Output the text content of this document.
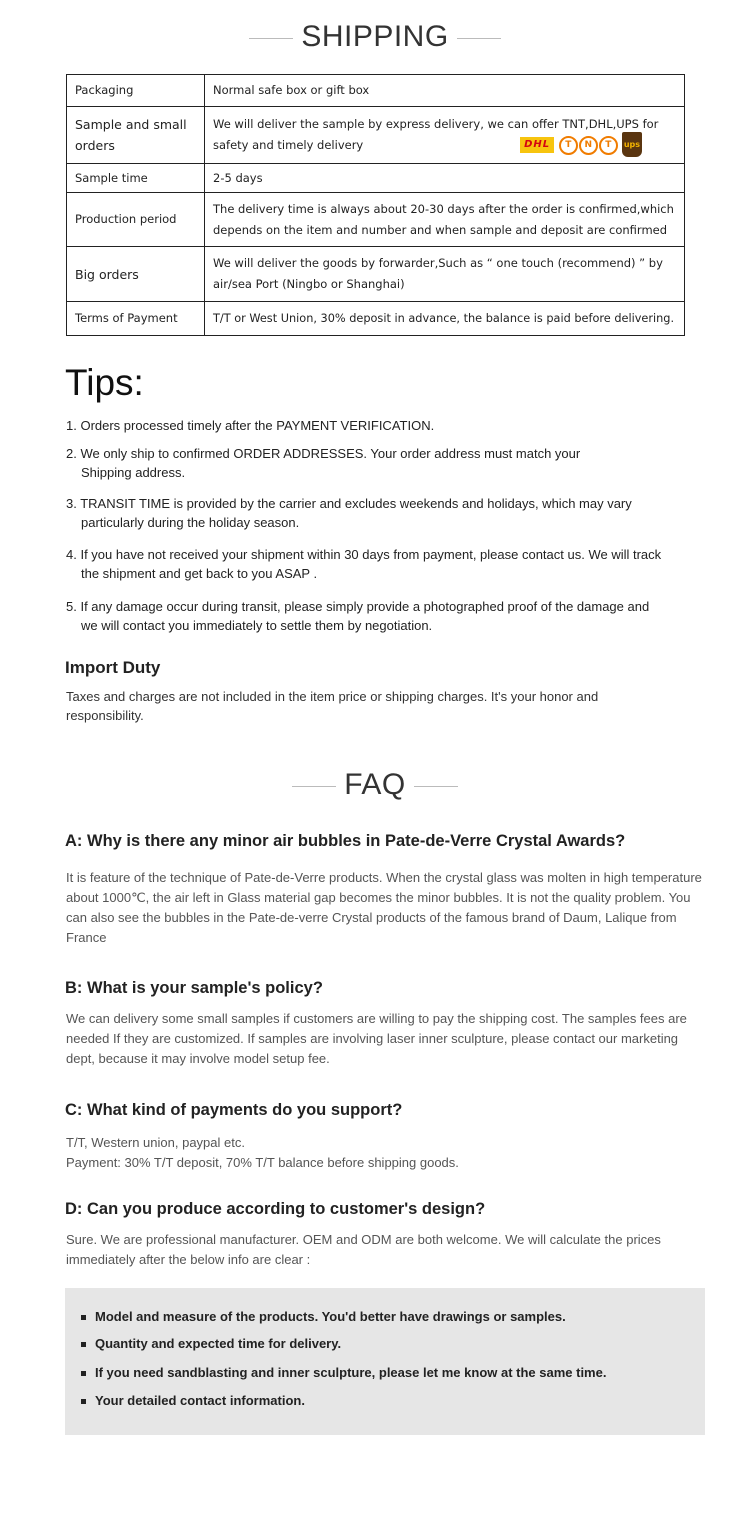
SHIPPING
Packaging	Normal safe box or gift box
Sample and small orders	We will deliver the sample by express delivery, we can offer TNT,DHL,UPS for safety and timely delivery DHL T N T ups

Sample time	2-5 days
Production period	The delivery time is always about 20-30 days after the order is confirmed,which depends on the item and number and when sample and deposit are confirmed
Big orders	We will deliver the goods by forwarder,Such as “ one touch (recommend) ” by air/sea Port (Ningbo or Shanghai)
Terms of Payment	T/T or West Union, 30% deposit in advance, the balance is paid before delivering.
Tips:
1. Orders processed timely after the PAYMENT VERIFICATION.
2. We only ship to confirmed ORDER ADDRESSES. Your order address must match your
Shipping address.
3. TRANSIT TIME is provided by the carrier and excludes weekends and holidays, which may vary
particularly during the holiday season.
4. If you have not received your shipment within 30 days from payment, please contact us. We will track
the shipment and get back to you ASAP .
5. If any damage occur during transit, please simply provide a photographed proof of the damage and
we will contact you immediately to settle them by negotiation.
Import Duty
Taxes and charges are not included in the item price or shipping charges. It's your honor and responsibility.
FAQ
A: Why is there any minor air bubbles in Pate-de-Verre Crystal Awards?
It is feature of the technique of Pate-de-Verre products. When the crystal glass was molten in high temperature about 1000℃, the air left in Glass material gap becomes the minor bubbles. It is not the quality problem. You can also see the bubbles in the Pate-de-verre Crystal products of the famous brand of Daum, Lalique from France
B: What is your sample's policy?
We can delivery some small samples if customers are willing to pay the shipping cost. The samples fees are needed If they are customized. If samples are involving laser inner sculpture, please contact our marketing dept, because it may involve model setup fee.
C: What kind of payments do you support?
T/T, Western union, paypal etc.
Payment: 30% T/T deposit, 70% T/T balance before shipping goods.
D: Can you produce according to customer's design?
Sure. We are professional manufacturer. OEM and ODM are both welcome. We will calculate the prices immediately after the below info are clear :
Model and measure of the products. You'd better have drawings or samples.
Quantity and expected time for delivery.
If you need sandblasting and inner sculpture, please let me know at the same time.
Your detailed contact information.
